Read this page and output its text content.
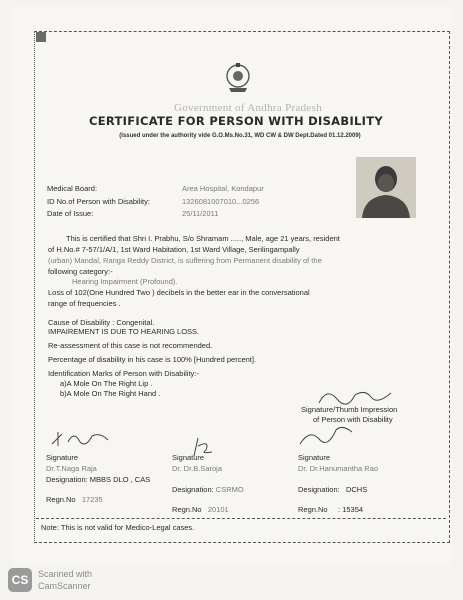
Government of Andhra Pradesh
CERTIFICATE FOR PERSON WITH DISABILITY
(Issued under the authority vide G.O.Ms.No.31, WD CW & DW Dept.Dated 01.12.2009)
Medical Board:	Area Hospital, Kondapur
ID No.of Person with Disability:	1326081007010...0256
Date of Issue:	25/11/2011
This is certified that Shri I. Prabhu, S/o Shramam ....., Male, age 21 years, resident
of H.No.# 7-57/1/A/1, 1st Ward Habitation, 1st Ward Village, Serilingampally
(urban) Mandal, Ranga Reddy District, is suffering from Permanent disability of the
following category:-
Hearing Impairment (Profound).
Loss of 102(One Hundred Two ) decibels in the better ear in the conversational
range of frequencies .
Cause of Disability : Congenital.
IMPAIREMENT IS DUE TO HEARING LOSS.
Re-assessment of this case is not recommended.
Percentage of disability in his case is 100% [Hundred percent].
Identification Marks of Person with Disability:-
a)A Mole On The Right Lip .
b)A Mole On The Right Hand .
Signature/Thumb Impression
of Person with Disability
Signature
Dr.T.Naga Raja
Designation: MBBS DLO , CAS
Regn.No 17235
Signature
Dr. Dr.B.Saroja
Designation: CSRMO
Regn.No 20101
Signature
Dr. Dr.Hanumantha Rao
Designation: DCHS
Regn.No : 15354
Note: This is not valid for Medico-Legal cases.
CS	Scanned with
CamScanner
